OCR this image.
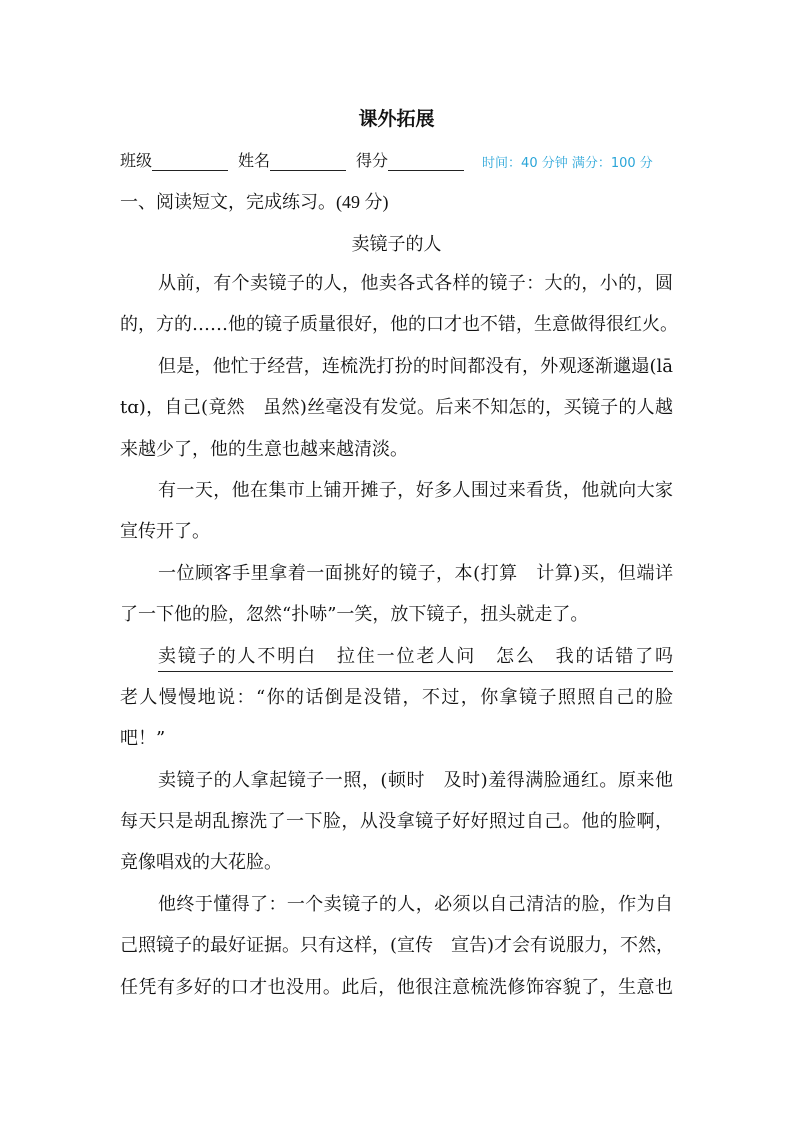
课外拓展
班级	姓名	得分	时间：40 分钟 满分：100 分
一、阅读短文，完成练习。(49 分)
卖镜子的人
从前，有个卖镜子的人，他卖各式各样的镜子：大的，小的，圆
的，方的……他的镜子质量很好，他的口才也不错，生意做得很红火。
但是，他忙于经营，连梳洗打扮的时间都没有，外观逐渐邋遢(lā
tɑ)，自己(竟然　虽然)丝毫没有发觉。后来不知怎的，买镜子的人越
来越少了，他的生意也越来越清淡。
有一天，他在集市上铺开摊子，好多人围过来看货，他就向大家
宣传开了。
一位顾客手里拿着一面挑好的镜子，本(打算　计算)买，但端详
了一下他的脸，忽然“扑哧”一笑，放下镜子，扭头就走了。
卖镜子的人不明白　拉住一位老人问　怎么　我的话错了吗
老人慢慢地说：“你的话倒是没错，不过，你拿镜子照照自己的脸
吧！”
卖镜子的人拿起镜子一照，(顿时　及时)羞得满脸通红。原来他
每天只是胡乱擦洗了一下脸，从没拿镜子好好照过自己。他的脸啊，
竟像唱戏的大花脸。
他终于懂得了：一个卖镜子的人，必须以自己清洁的脸，作为自
己照镜子的最好证据。只有这样，(宣传　宣告)才会有说服力，不然，
任凭有多好的口才也没用。此后，他很注意梳洗修饰容貌了，生意也
